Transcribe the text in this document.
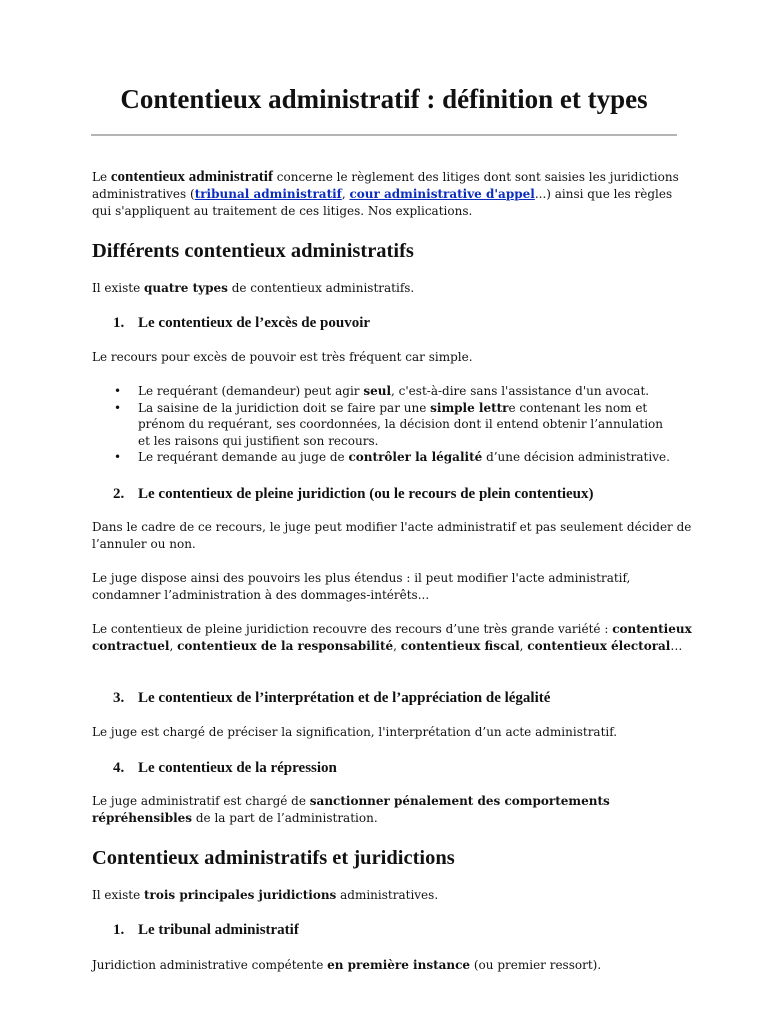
Contentieux administratif : définition et types

Le contentieux administratif concerne le règlement des litiges dont sont saisies les juridictions administratives (tribunal administratif, cour administrative d'appel...) ainsi que les règles qui s'appliquent au traitement de ces litiges. Nos explications.

Différents contentieux administratifs

Il existe quatre types de contentieux administratifs.

1. Le contentieux de l’excès de pouvoir

Le recours pour excès de pouvoir est très fréquent car simple.

• Le requérant (demandeur) peut agir seul, c'est-à-dire sans l'assistance d'un avocat.
• La saisine de la juridiction doit se faire par une simple lettre contenant les nom et prénom du requérant, ses coordonnées, la décision dont il entend obtenir l’annulation et les raisons qui justifient son recours.
• Le requérant demande au juge de contrôler la légalité d’une décision administrative.
2. Le contentieux de pleine juridiction (ou le recours de plein contentieux)

Dans le cadre de ce recours, le juge peut modifier l'acte administratif et pas seulement décider de l’annuler ou non.

Le juge dispose ainsi des pouvoirs les plus étendus : il peut modifier l'acte administratif, condamner l’administration à des dommages-intérêts...

Le contentieux de pleine juridiction recouvre des recours d’une très grande variété : contentieux contractuel, contentieux de la responsabilité, contentieux fiscal, contentieux électoral…

3. Le contentieux de l’interprétation et de l’appréciation de légalité

Le juge est chargé de préciser la signification, l'interprétation d’un acte administratif.

4. Le contentieux de la répression

Le juge administratif est chargé de sanctionner pénalement des comportements répréhensibles de la part de l’administration.

Contentieux administratifs et juridictions

Il existe trois principales juridictions administratives.

1. Le tribunal administratif

Juridiction administrative compétente en première instance (ou premier ressort).
